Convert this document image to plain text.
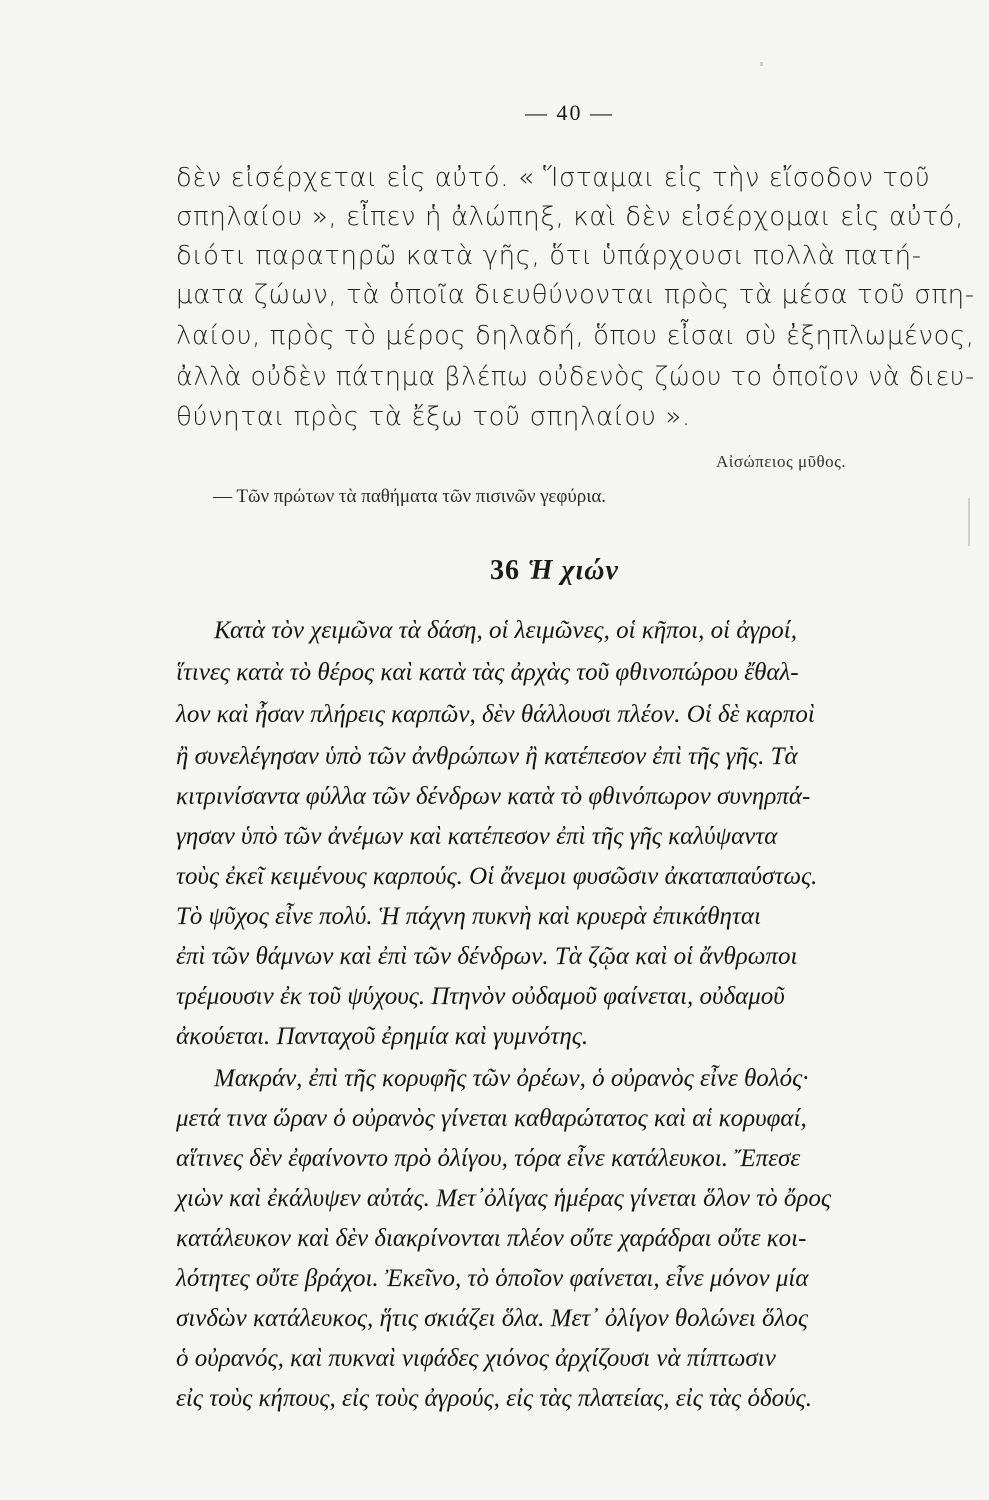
— 40 —
δὲν εἰσέρχεται εἰς αὐτό. « Ἵσταμαι εἰς τὴν εἴσοδον τοῦ
σπηλαίου », εἶπεν ἡ ἀλώπηξ, καὶ δὲν εἰσέρχομαι εἰς αὐτό,
διότι παρατηρῶ κατὰ γῆς, ὅτι ὑπάρχουσι πολλὰ πατή-
ματα ζώων, τὰ ὁποῖα διευθύνονται πρὸς τὰ μέσα τοῦ σπη-
λαίου, πρὸς τὸ μέρος δηλαδή, ὅπου εἶσαι σὺ ἐξηπλωμένος,
ἀλλὰ οὐδὲν πάτημα βλέπω οὐδενὸς ζώου το ὁποῖον νὰ διευ-
θύνηται πρὸς τὰ ἔξω τοῦ σπηλαίου ».
Αἰσώπειος μῦθος.
— Τῶν πρώτων τὰ παθήματα τῶν πισινῶν γεφύρια.
36 Ἡ χιών
Κατὰ τὸν χειμῶνα τὰ δάση, οἱ λειμῶνες, οἱ κῆποι, οἱ ἀγροί,
ἵτινες κατὰ τὸ θέρος καὶ κατὰ τὰς ἀρχὰς τοῦ φθινοπώρου ἔθαλ-
λον καὶ ἦσαν πλήρεις καρπῶν, δὲν θάλλουσι πλέον. Οἱ δὲ καρποὶ
ἢ συνελέγησαν ὑπὸ τῶν ἀνθρώπων ἢ κατέπεσον ἐπὶ τῆς γῆς. Τὰ
κιτρινίσαντα φύλλα τῶν δένδρων κατὰ τὸ φθινόπωρον συνηρπά-
γησαν ὑπὸ τῶν ἀνέμων καὶ κατέπεσον ἐπὶ τῆς γῆς καλύψαντα
τοὺς ἐκεῖ κειμένους καρπούς. Οἱ ἄνεμοι φυσῶσιν ἀκαταπαύστως.
Τὸ ψῦχος εἶνε πολύ. Ἡ πάχνη πυκνὴ καὶ κρυερὰ ἐπικάθηται
ἐπὶ τῶν θάμνων καὶ ἐπὶ τῶν δένδρων. Τὰ ζῷα καὶ οἱ ἄνθρωποι
τρέμουσιν ἐκ τοῦ ψύχους. Πτηνὸν οὐδαμοῦ φαίνεται, οὐδαμοῦ
ἀκούεται. Πανταχοῦ ἐρημία καὶ γυμνότης.
Μακράν, ἐπὶ τῆς κορυφῆς τῶν ὀρέων, ὁ οὐρανὸς εἶνε θολός·
μετά τινα ὥραν ὁ οὐρανὸς γίνεται καθαρώτατος καὶ αἱ κορυφαί,
αἵτινες δὲν ἐφαίνοντο πρὸ ὀλίγου, τόρα εἶνε κατάλευκοι. Ἔπεσε
χιὼν καὶ ἐκάλυψεν αὐτάς. Μετ᾽ὀλίγας ἡμέρας γίνεται ὅλον τὸ ὄρος
κατάλευκον καὶ δὲν διακρίνονται πλέον οὔτε χαράδραι οὔτε κοι-
λότητες οὔτε βράχοι. Ἐκεῖνο, τὸ ὁποῖον φαίνεται, εἶνε μόνον μία
σινδὼν κατάλευκος, ἥτις σκιάζει ὅλα. Μετ᾽ ὀλίγον θολώνει ὅλος
ὁ οὐρανός, καὶ πυκναὶ νιφάδες χιόνος ἀρχίζουσι νὰ πίπτωσιν
εἰς τοὺς κήπους, εἰς τοὺς ἀγρούς, εἰς τὰς πλατείας, εἰς τὰς ὁδούς.
